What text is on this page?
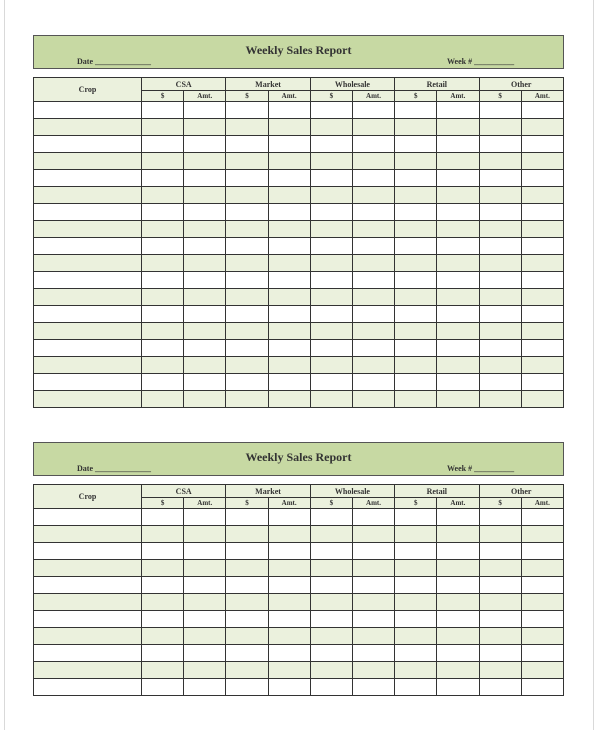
Weekly Sales Report
Date ______________	Week # __________
Crop	CSA		Market		Wholesale		Retail		Other	
	$	Amt.	$	Amt.	$	Amt.	$	Amt.	$	Amt.

Weekly Sales Report
Date ______________	Week # __________
Crop	CSA		Market		Wholesale		Retail		Other	
	$	Amt.	$	Amt.	$	Amt.	$	Amt.	$	Amt.
